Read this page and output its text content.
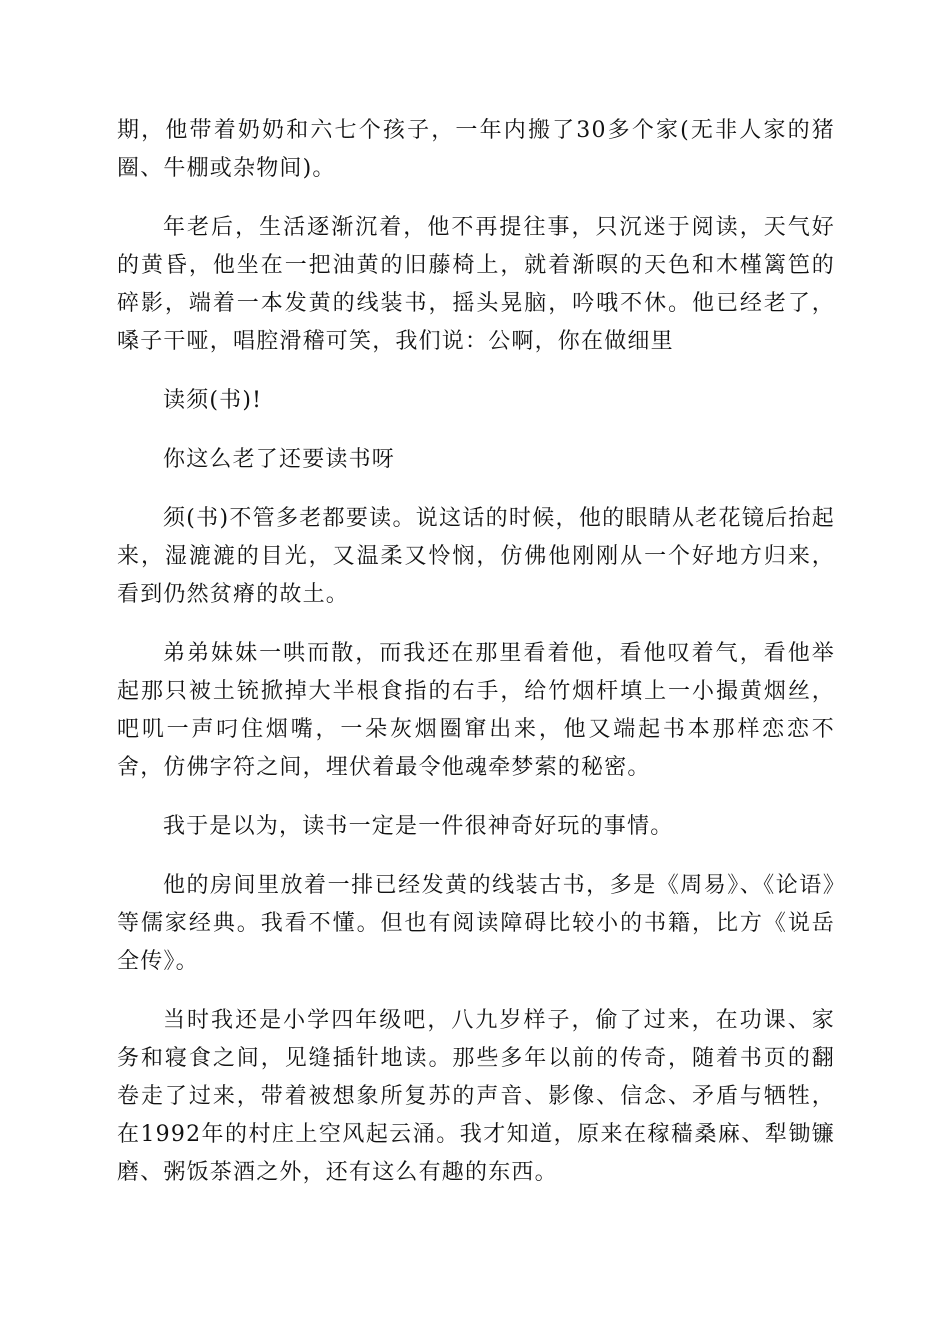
期，他带着奶奶和六七个孩子，一年内搬了30多个家(无非人家的猪圈、牛棚或杂物间)。

年老后，生活逐渐沉着，他不再提往事，只沉迷于阅读，天气好的黄昏，他坐在一把油黄的旧藤椅上，就着渐暝的天色和木槿篱笆的碎影，端着一本发黄的线装书，摇头晃脑，吟哦不休。他已经老了，嗓子干哑，唱腔滑稽可笑，我们说：公啊，你在做细里

读须(书)!

你这么老了还要读书呀

须(书)不管多老都要读。说这话的时候，他的眼睛从老花镜后抬起来，湿漉漉的目光，又温柔又怜悯，仿佛他刚刚从一个好地方归来，看到仍然贫瘠的故土。

弟弟妹妹一哄而散，而我还在那里看着他，看他叹着气，看他举起那只被土铳掀掉大半根食指的右手，给竹烟杆填上一小撮黄烟丝，吧叽一声叼住烟嘴，一朵灰烟圈窜出来，他又端起书本那样恋恋不舍，仿佛字符之间，埋伏着最令他魂牵梦萦的秘密。

我于是以为，读书一定是一件很神奇好玩的事情。

他的房间里放着一排已经发黄的线装古书，多是《周易》、《论语》等儒家经典。我看不懂。但也有阅读障碍比较小的书籍，比方《说岳全传》。

当时我还是小学四年级吧，八九岁样子，偷了过来，在功课、家务和寝食之间，见缝插针地读。那些多年以前的传奇，随着书页的翻卷走了过来，带着被想象所复苏的声音、影像、信念、矛盾与牺牲，在1992年的村庄上空风起云涌。我才知道，原来在稼穑桑麻、犁锄镰磨、粥饭茶酒之外，还有这么有趣的东西。
